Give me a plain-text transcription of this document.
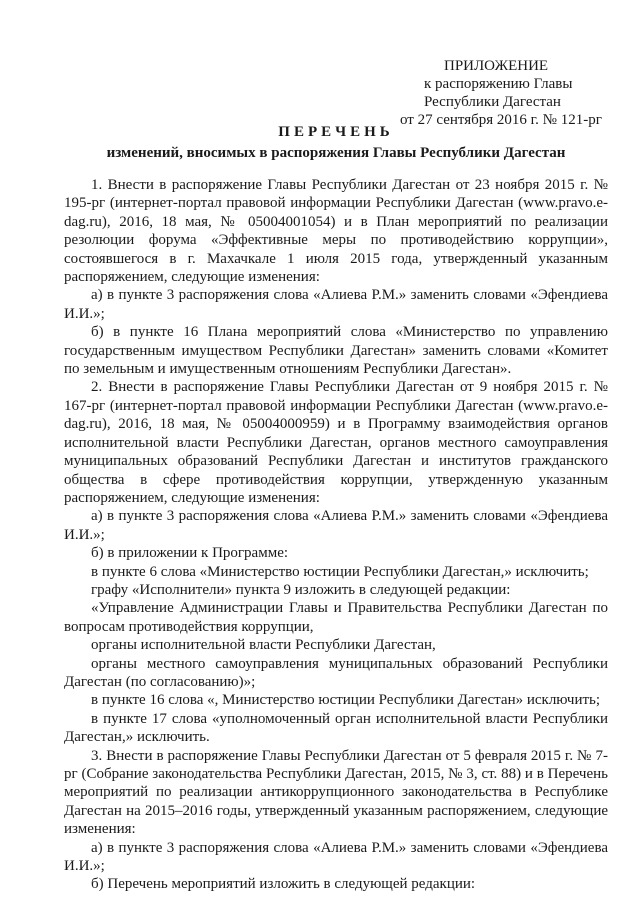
ПРИЛОЖЕНИЕ
к распоряжению Главы
Республики Дагестан
от 27 сентября 2016 г. № 121-рг
ПЕРЕЧЕНЬ
изменений, вносимых в распоряжения Главы Республики Дагестан

1. Внести в распоряжение Главы Республики Дагестан от 23 ноября 2015 г. № 195-рг (интернет-портал правовой информации Республики Дагестан (www.pravo.e-dag.ru), 2016, 18 мая, № 05004001054) и в План мероприятий по реализации резолюции форума «Эффективные меры по противодействию коррупции», состоявшегося в г. Махачкале 1 июля 2015 года, утвержденный указанным распоряжением, следующие изменения:

а) в пункте 3 распоряжения слова «Алиева Р.М.» заменить словами «Эфендиева И.И.»;

б) в пункте 16 Плана мероприятий слова «Министерство по управлению государственным имуществом Республики Дагестан» заменить словами «Комитет по земельным и имущественным отношениям Республики Дагестан».

2. Внести в распоряжение Главы Республики Дагестан от 9 ноября 2015 г. № 167-рг (интернет-портал правовой информации Республики Дагестан (www.pravo.e-dag.ru), 2016, 18 мая, № 05004000959) и в Программу взаимодействия органов исполнительной власти Республики Дагестан, органов местного самоуправления муниципальных образований Республики Дагестан и институтов гражданского общества в сфере противодействия коррупции, утвержденную указанным распоряжением, следующие изменения:

а) в пункте 3 распоряжения слова «Алиева Р.М.» заменить словами «Эфендиева И.И.»;

б) в приложении к Программе:

в пункте 6 слова «Министерство юстиции Республики Дагестан,» исключить;

графу «Исполнители» пункта 9 изложить в следующей редакции:

«Управление Администрации Главы и Правительства Республики Дагестан по вопросам противодействия коррупции,

органы исполнительной власти Республики Дагестан,

органы местного самоуправления муниципальных образований Республики Дагестан (по согласованию)»;

в пункте 16 слова «, Министерство юстиции Республики Дагестан» исключить;

в пункте 17 слова «уполномоченный орган исполнительной власти Республики Дагестан,» исключить.

3. Внести в распоряжение Главы Республики Дагестан от 5 февраля 2015 г. № 7-рг (Собрание законодательства Республики Дагестан, 2015, № 3, ст. 88) и в Перечень мероприятий по реализации антикоррупционного законодательства в Республике Дагестан на 2015–2016 годы, утвержденный указанным распоряжением, следующие изменения:

а) в пункте 3 распоряжения слова «Алиева Р.М.» заменить словами «Эфендиева И.И.»;

б) Перечень мероприятий изложить в следующей редакции:
